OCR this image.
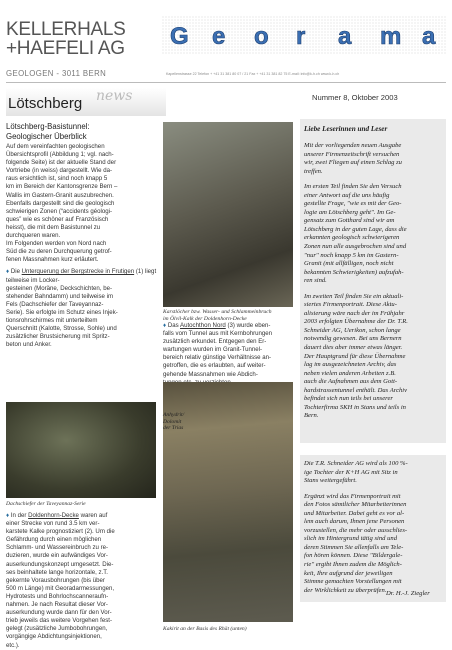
KELLERHALS
+HAEFELI AG
GEOLOGEN - 3011 BERN
G e o r a m a
Kapellenstrasse 22 Telefon + +41 31 381 80 07 / 21 Fax + +41 31 381 82 75 E-mail: info@k-h.ch www.k-h.ch
Lötschberg news	Nummer 8, Oktober 2003
Lötschberg-Basistunnel:
Geologischer Überblick
Auf dem vereinfachten geologischen
Übersichtsprofil (Abbildung 1; vgl. nach-
folgende Seite) ist der aktuelle Stand der
Vortriebe (in weiss) dargestellt. Wie da-
raus ersichtlich ist, sind noch knapp 5
km im Bereich der Kantonsgrenze Bern –
Wallis im Gastern-Granit auszubrechen.
Ebenfalls dargestellt sind die geologisch
schwierigen Zonen (“accidents géologi-
ques” wie es schöner auf Französisch
heisst), die mit dem Basistunnel zu
durchqueren waren.
Im Folgenden werden von Nord nach
Süd die zu deren Durchquerung getrof-
fenen Massnahmen kurz erläutert.
♦ Die Unterquerung der Bergstrecke in Frutigen (1) liegt teilweise im Locker-
gesteinen (Moräne, Deckschichten, be-
stehender Bahndamm) und teilweise im
Fels (Dachschiefer der Taveyannaz-
Serie). Sie erfolgte im Schutz eines Injek-
tionsrohrschirmes mit unterteiltem
Querschnitt (Kalotte, Strosse, Sohle) und
zusätzlicher Brustsicherung mit Spritz-
beton und Anker.
Dachschiefer der Taveyannaz-Serie
♦ In der Doldenhorn-Decke waren auf
einer Strecke von rund 3.5 km ver-
karstete Kalke prognostiziert (2). Um die
Gefährdung durch einen möglichen
Schlamm- und Wassereinbruch zu re-
duzieren, wurde ein aufwändiges Vor-
auserkundungskonzept umgesetzt. Die-
ses beinhaltete lange horizontale, z.T.
gekernte Vorausbohrungen (bis über
500 m Länge) mit Georadarmessungen,
Hydrotests und Bohrlochscanneraufn-
nahmen. Je nach Resultat dieser Vor-
auserkundung wurde dann für den Vor-
trieb jeweils das weitere Vorgehen fest-
gelegt (zusätzliche Jumbobohrungen,
vorgängige Abdichtungsinjektionen,
etc.).
Karstlöcher bzw. Wasser- und Schlammeinbruch
im Ölvil-Kalk der Doldenhorn-Decke
♦ Das Autochthon Nord (3) wurde eben-
falls vom Tunnel aus mit Kernbohrungen
zusätzlich erkundet. Entgegen den Er-
wartungen wurden im Granit-Tunnel-
bereich relativ günstige Verhältnisse an-
getroffen, die es erlaubten, auf weiter-
gehende Massnahmen wie Abdich-
Anhydrit/
Dolomit
der Trias
Kakirit an der Basis des Rhät (unten)
Liebe Leserinnen und Leser
Mit der vorliegenden neuen Ausgabe
unserer Firmenzeitschrift versuchen
wir, zwei Fliegen auf einen Schlag zu
treffen.
Im ersten Teil finden Sie den Versuch
einer Antwort auf die uns häufig
gestellte Frage, "wie es mit der Geo-
logie am Lötschberg geht". Im Ge-
gensatz zum Gotthard sind wir am
Lötschberg in der guten Lage, dass die
erkannten geologisch schwierigeren
Zonen nun alle ausgebrochen sind und
"nur" noch knapp 5 km im Gastern-
Granit (mit allfälligen, noch nicht
bekannten Schwierigkeiten) aufzufah-
ren sind.
Im zweiten Teil finden Sie ein aktuali-
siertes Firmenportrait. Diese Aktu-
alisierung wäre nach der im Frühjahr
2003 erfolgten Übernahme der Dr. T.R.
Schneider AG, Uerikon, schon lange
notwendig gewesen. Bei uns Bernern
dauert dies aber immer etwas länger.
Der Hauptgrund für diese Übernahme
lag im ausgezeichneten Archiv, das
neben vielen anderen Arbeiten z.B.
auch die Aufnahmen aus dem Gott-
hardstrassentunnel enthält. Das Archiv
befindet sich nun teils bei unserer
Tochterfirma SKH in Stans und teils in
Bern.
Die T.R. Schneider AG wird als 100 %-
ige Tochter der K+H AG mit Sitz in
Stans weitergeführt.
Ergänzt wird das Firmenportrait mit
den Fotos sämtlicher Mitarbeiterinnen
und Mitarbeiter. Dabei geht es vor al-
lem auch darum, Ihnen jene Personen
vorzustellen, die mehr oder ausschlies-
slich im Hintergrund tätig sind und
deren Stimmen Sie allenfalls am Tele-
fon hören können. Diese "Bildergale-
rie" ergibt Ihnen zudem die Möglich-
keit, Ihre aufgrund der jeweiligen
Stimme gemachten Vorstellungen mit
der Wirklichkeit zu überprüfen. Dr. H.-J. Ziegler
